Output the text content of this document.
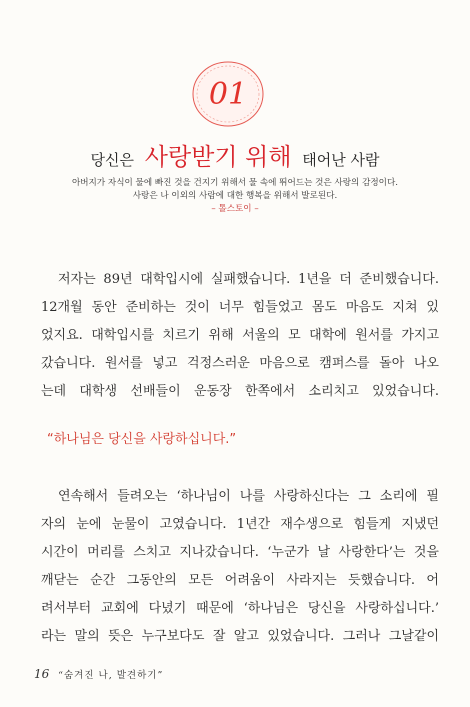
01
당신은 사랑받기 위해 태어난 사람
아버지가 자식이 물에 빠진 것을 건지기 위해서 물 속에 뛰어드는 것은 사랑의 감정이다.
사랑은 나 이외의 사람에 대한 행복을 위해서 발로된다.
– 톨스토이 –

저자는 89년 대학입시에 실패했습니다. 1년을 더 준비했습니다.
12개월 동안 준비하는 것이 너무 힘들었고 몸도 마음도 지쳐 있
었지요. 대학입시를 치르기 위해 서울의 모 대학에 원서를 가지고
갔습니다. 원서를 넣고 걱정스러운 마음으로 캠퍼스를 돌아 나오
는데 대학생 선배들이 운동장 한쪽에서 소리치고 있었습니다.

“하나님은 당신을 사랑하십니다.”

연속해서 들려오는 ‘하나님이 나를 사랑하신다는 그 소리에 필
자의 눈에 눈물이 고였습니다. 1년간 재수생으로 힘들게 지냈던
시간이 머리를 스치고 지나갔습니다. ‘누군가 날 사랑한다’는 것을
깨닫는 순간 그동안의 모든 어려움이 사라지는 듯했습니다. 어
려서부터 교회에 다녔기 때문에 ‘하나님은 당신을 사랑하십니다.’
라는 말의 뜻은 누구보다도 잘 알고 있었습니다. 그러나 그날같이

16 “숨겨진 나, 발견하기”
